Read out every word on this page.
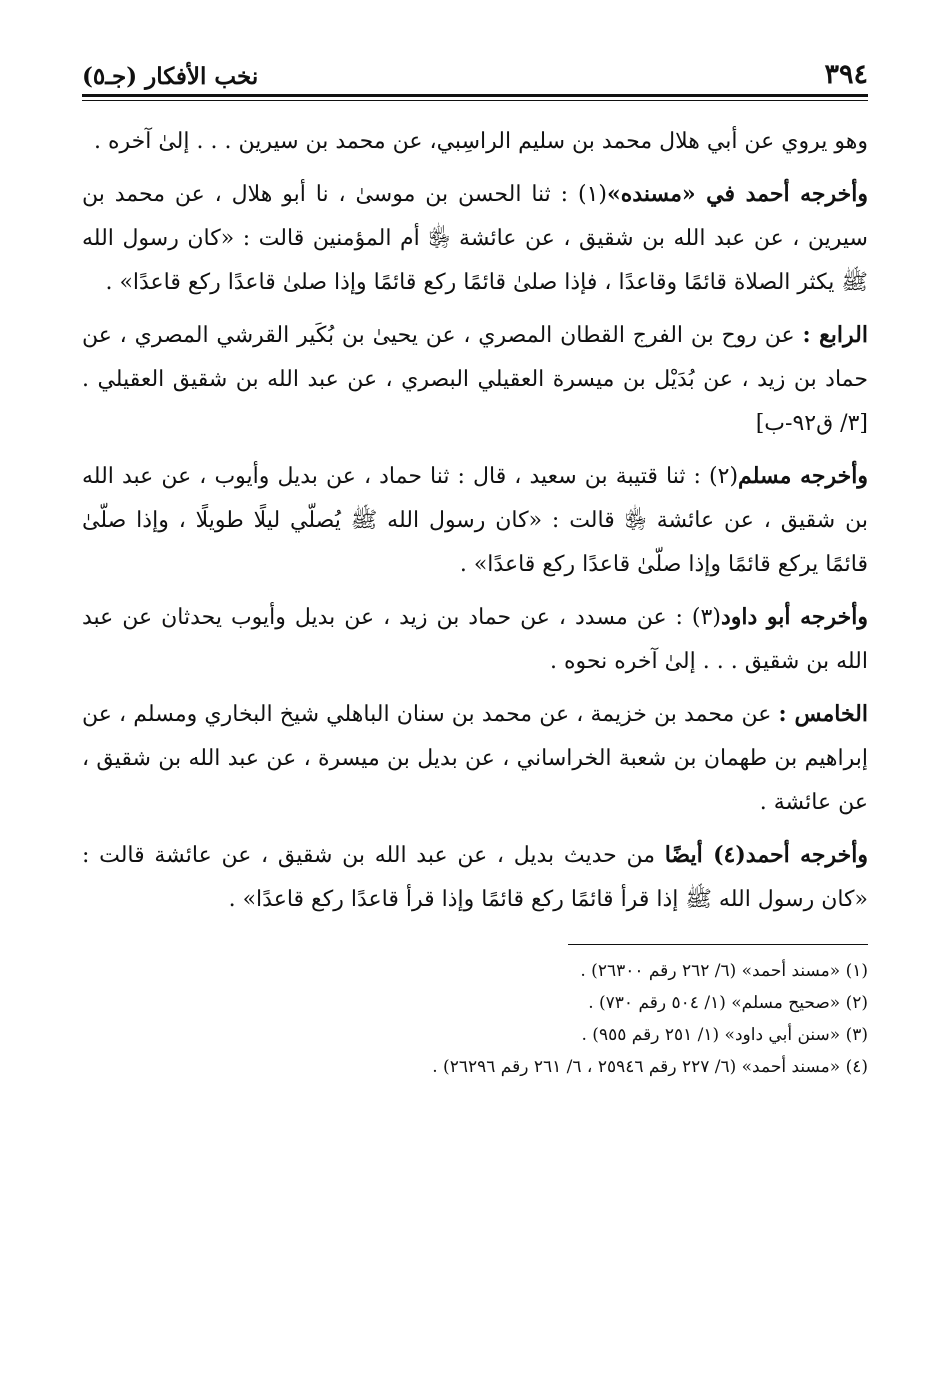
٣٩٤
نخب الأفكار (جـ٥)

وهو يروي عن أبي هلال محمد بن سليم الراسِبي، عن محمد بن سيرين . . . إلىٰ آخره .

وأخرجه أحمد في «مسنده»(١) : ثنا الحسن بن موسىٰ ، نا أبو هلال ، عن محمد بن سيرين ، عن عبد الله بن شقيق ، عن عائشة ﵂ أم المؤمنين قالت : «كان رسول الله ﷺ يكثر الصلاة قائمًا وقاعدًا ، فإذا صلىٰ قائمًا ركع قائمًا وإذا صلىٰ قاعدًا ركع قاعدًا» .

الرابع : عن روح بن الفرج القطان المصري ، عن يحيىٰ بن بُكَير القرشي المصري ، عن حماد بن زيد ، عن بُدَيْل بن ميسرة العقيلي البصري ، عن عبد الله بن شقيق العقيلي . [٣/ ق٩٢-ب]

وأخرجه مسلم(٢) : ثنا قتيبة بن سعيد ، قال : ثنا حماد ، عن بديل وأيوب ، عن عبد الله بن شقيق ، عن عائشة ﵂ قالت : «كان رسول الله ﷺ يُصلّي ليلًا طويلًا ، وإذا صلّىٰ قائمًا يركع قائمًا وإذا صلّىٰ قاعدًا ركع قاعدًا» .

وأخرجه أبو داود(٣) : عن مسدد ، عن حماد بن زيد ، عن بديل وأيوب يحدثان عن عبد الله بن شقيق . . . إلىٰ آخره نحوه .

الخامس : عن محمد بن خزيمة ، عن محمد بن سنان الباهلي شيخ البخاري ومسلم ، عن إبراهيم بن طهمان بن شعبة الخراساني ، عن بديل بن ميسرة ، عن عبد الله بن شقيق ، عن عائشة .

وأخرجه أحمد(٤) أيضًا من حديث بديل ، عن عبد الله بن شقيق ، عن عائشة قالت : «كان رسول الله ﷺ إذا قرأ قائمًا ركع قائمًا وإذا قرأ قاعدًا ركع قاعدًا» .

(١) «مسند أحمد» (٦/ ٢٦٢ رقم ٢٦٣٠٠) .

(٢) «صحيح مسلم» (١/ ٥٠٤ رقم ٧٣٠) .

(٣) «سنن أبي داود» (١/ ٢٥١ رقم ٩٥٥) .

(٤) «مسند أحمد» (٦/ ٢٢٧ رقم ٢٥٩٤٦ ، ٦/ ٢٦١ رقم ٢٦٢٩٦) .
